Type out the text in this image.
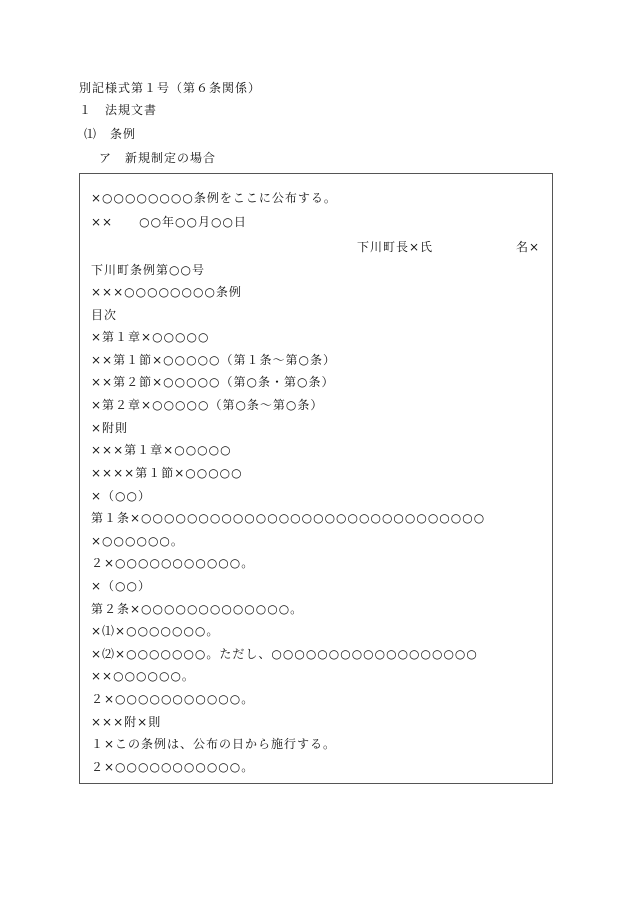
別記様式第１号（第６条関係）
１　法規文書
⑴　条例
ア　新規制定の場合
×○○○○○○○○条例をここに公布する。
××　　○○年○○月○○日
下川町長×氏	名×
下川町条例第○○号
×××○○○○○○○○条例
目次
×第１章×○○○○○
××第１節×○○○○○（第１条～第○条）
××第２節×○○○○○（第○条・第○条）
×第２章×○○○○○（第○条～第○条）
×附則
×××第１章×○○○○○
××××第１節×○○○○○
×（○○）
第１条×○○○○○○○○○○○○○○○○○○○○○○○○○○○○○○
×○○○○○○。
２×○○○○○○○○○○○。
×（○○）
第２条×○○○○○○○○○○○○○。
×⑴×○○○○○○○。
×⑵×○○○○○○○。ただし、○○○○○○○○○○○○○○○○○○
××○○○○○○。
２×○○○○○○○○○○○。
×××附×則
１×この条例は、公布の日から施行する。
２×○○○○○○○○○○○。
